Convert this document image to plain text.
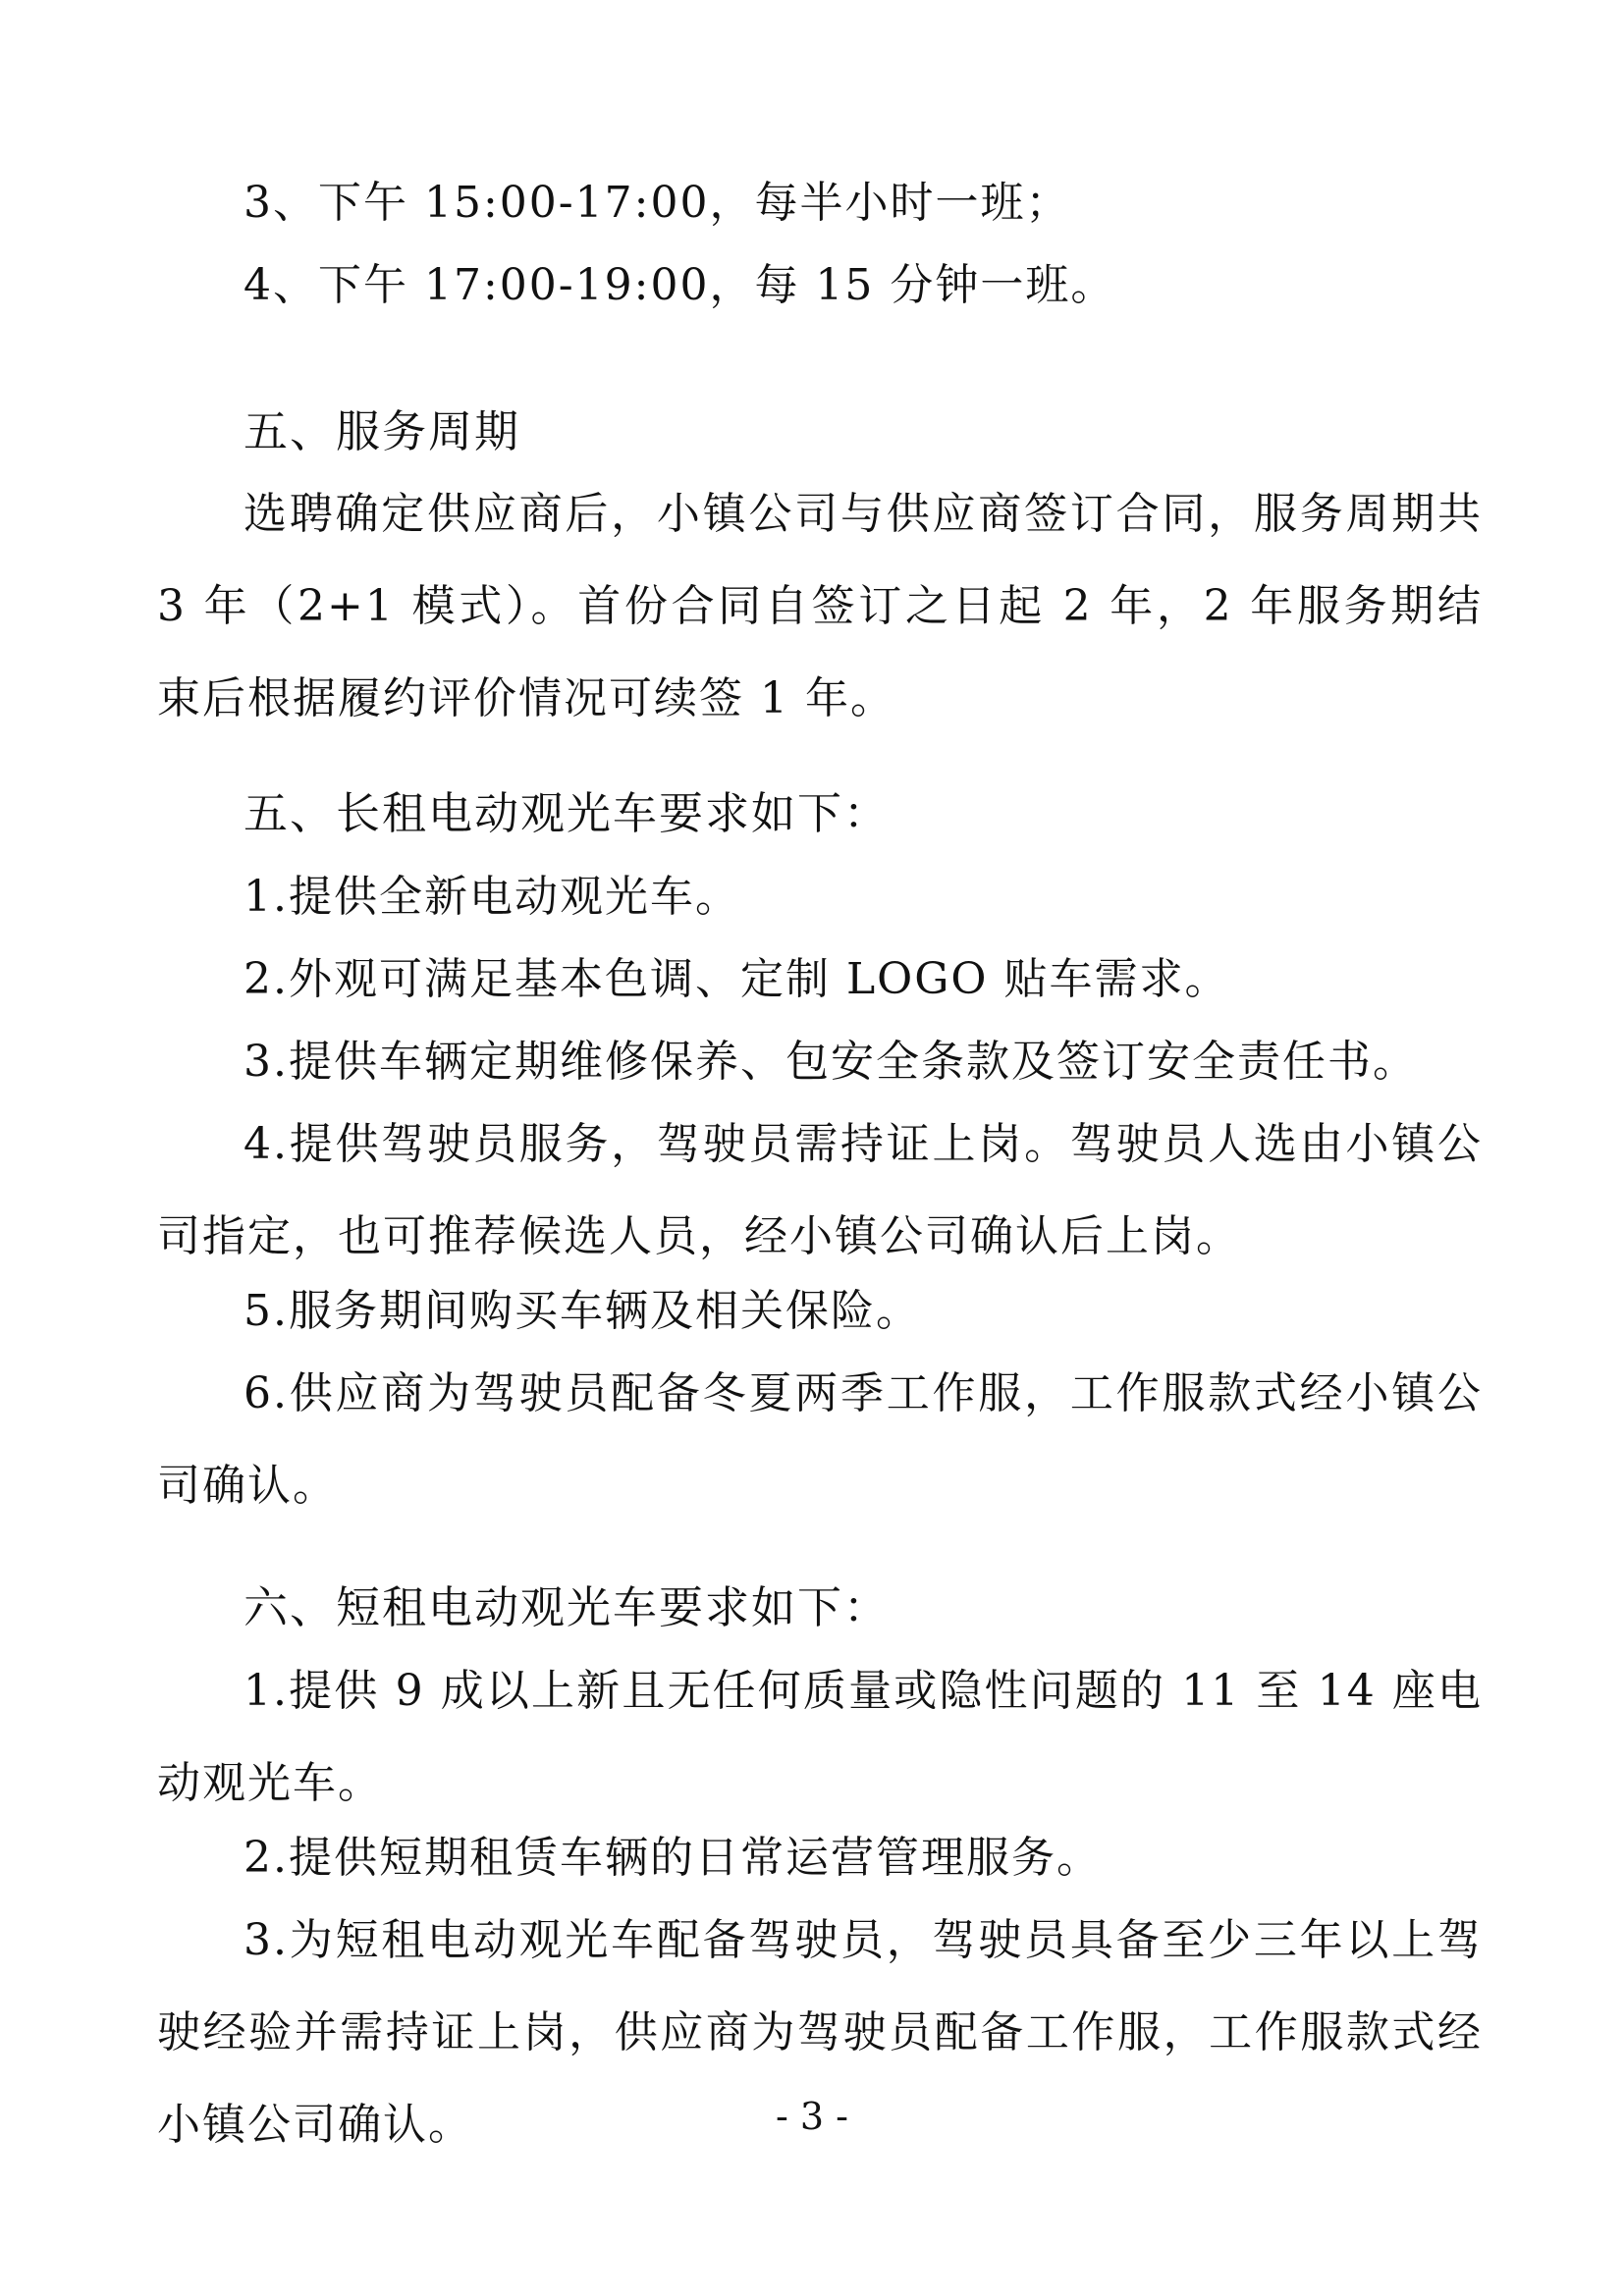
3、下午 15:00-17:00，每半小时一班；

4、下午 17:00-19:00，每 15 分钟一班。

五、服务周期

选聘确定供应商后，小镇公司与供应商签订合同，服务周期共 3 年（2+1 模式）。首份合同自签订之日起 2 年，2 年服务期结束后根据履约评价情况可续签 1 年。

五、长租电动观光车要求如下：

1.提供全新电动观光车。

2.外观可满足基本色调、定制 LOGO 贴车需求。

3.提供车辆定期维修保养、包安全条款及签订安全责任书。

4.提供驾驶员服务，驾驶员需持证上岗。驾驶员人选由小镇公司指定，也可推荐候选人员，经小镇公司确认后上岗。

5.服务期间购买车辆及相关保险。

6.供应商为驾驶员配备冬夏两季工作服，工作服款式经小镇公司确认。

六、短租电动观光车要求如下：

1.提供 9 成以上新且无任何质量或隐性问题的 11 至 14 座电动观光车。

2.提供短期租赁车辆的日常运营管理服务。

3.为短租电动观光车配备驾驶员，驾驶员具备至少三年以上驾驶经验并需持证上岗，供应商为驾驶员配备工作服，工作服款式经小镇公司确认。	- 3 -
